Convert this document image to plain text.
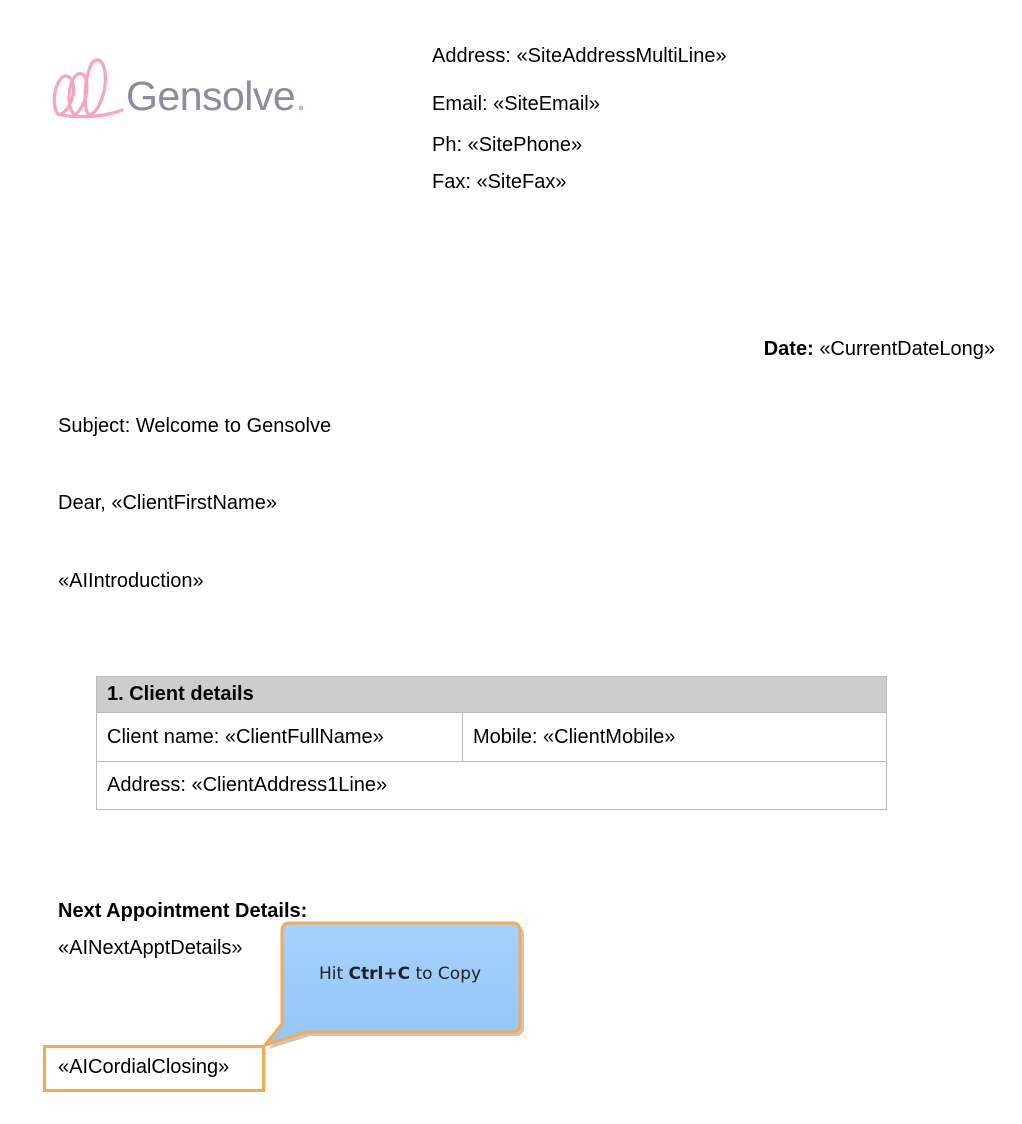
Gensolve.
Address: «SiteAddressMultiLine»
Email: «SiteEmail»
Ph: «SitePhone»
Fax: «SiteFax»
Date: «CurrentDateLong»
Subject: Welcome to Gensolve
Dear, «ClientFirstName»
«AIIntroduction»
1. Client details
Client name: «ClientFullName»	Mobile: «ClientMobile»
Address: «ClientAddress1Line»
Next Appointment Details:
«AINextApptDetails»
«AICordialClosing»
Hit Ctrl+C to Copy
